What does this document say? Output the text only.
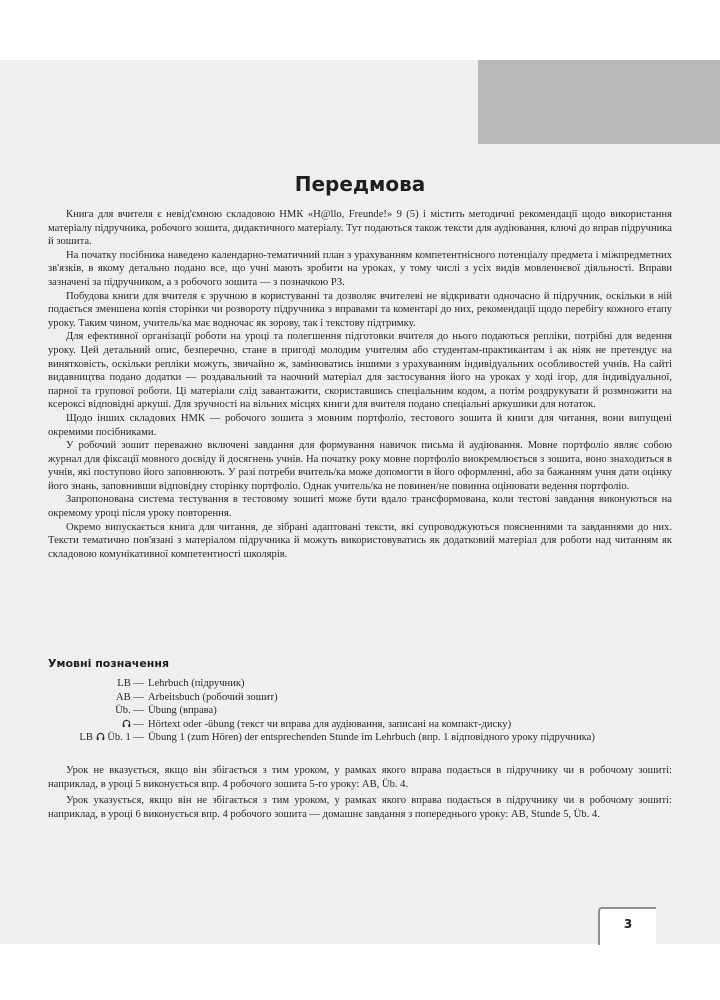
Передмова

Книга для вчителя є невід'ємною складовою НМК «H@llo, Freunde!» 9 (5) і містить методичні рекомендації щодо використання матеріалу підручника, робочого зошита, дидактичного матеріалу. Тут подаються також тексти для аудіювання, ключі до вправ підручника й зошита.

На початку посібника наведено календарно-тематичний план з урахуванням компетентнісного потенціалу предмета і міжпредметних зв'язків, в якому детально подано все, що учні мають зробити на уроках, у тому числі з усіх видів мовленнєвої діяльності. Вправи зазначені за підручником, а з робочого зошита — з позначкою РЗ.

Побудова книги для вчителя є зручною в користуванні та дозволяє вчителеві не відкривати одночасно й підручник, оскільки в ній подається зменшена копія сторінки чи розвороту підручника з вправами та коментарі до них, рекомендації щодо перебігу кожного етапу уроку. Таким чином, учитель/ка має водночас як зорову, так і текстову підтримку.

Для ефективної організації роботи на уроці та полегшення підготовки вчителя до нього подаються репліки, потрібні для ведення уроку. Цей детальний опис, безперечно, стане в пригоді молодим учителям або студентам-практикантам і ак ніяк не претендує на винятковість, оскільки репліки можуть, звичайно ж, замінюватись іншими з урахуванням індивідуальних особливостей учнів. На сайті видавництва подано додатки — роздавальний та наочний матеріал для застосування його на уроках у ході ігор, для індивідуальної, парної та групової роботи. Ці матеріали слід завантажити, скориставшись спеціальним кодом, а потім роздрукувати й розмножити на ксероксі відповідні аркуші. Для зручності на вільних місцях книги для вчителя подано спеціальні аркушики для нотаток.

Щодо інших складових НМК — робочого зошита з мовним портфоліо, тестового зошита й книги для читання, вони випущені окремими посібниками.

У робочий зошит переважно включені завдання для формування навичок письма й аудіювання. Мовне портфоліо являє собою журнал для фіксації мовного досвіду й досягнень учнів. На початку року мовне портфоліо виокремлюється з зошита, воно знаходиться в учнів, які поступово його заповнюють. У разі потреби вчитель/ка може допомогти в його оформленні, або за бажанням учня дати оцінку його знань, заповнивши відповідну сторінку портфоліо. Однак учитель/ка не повинен/не повинна оцінювати ведення портфоліо.

Запропонована система тестування в тестовому зошиті може бути вдало трансформована, коли тестові завдання виконуються на окремому уроці після уроку повторення.

Окремо випускається книга для читання, де зібрані адаптовані тексти, які супроводжуються поясненнями та завданнями до них. Тексти тематично пов'язані з матеріалом підручника й можуть використовуватись як додатковий матеріал для роботи над читанням як складовою комунікативної компетентності школярів.

Умовні позначення
LB — Lehrbuch (підручник)
AB — Arbeitsbuch (робочий зошит)
Üb. — Übung (вправа)
— Hörtext oder -übung (текст чи вправа для аудіювання, записані на компакт-диску)
LB  Üb. 1 — Übung 1 (zum Hören) der entsprechenden Stunde im Lehrbuch (впр. 1 відповідного уроку підручника)

Урок не вказується, якщо він збігається з тим уроком, у рамках якого вправа подається в підручнику чи в робочому зошиті: наприклад, в уроці 5 виконується впр. 4 робочого зошита 5-го уроку: AB, Üb. 4.

Урок указується, якщо він не збігається з тим уроком, у рамках якого вправа подається в підручнику чи в робочому зошиті: наприклад, в уроці 6 виконується впр. 4 робочого зошита — домашнє завдання з попереднього уроку: AB, Stunde 5, Üb. 4.

3
